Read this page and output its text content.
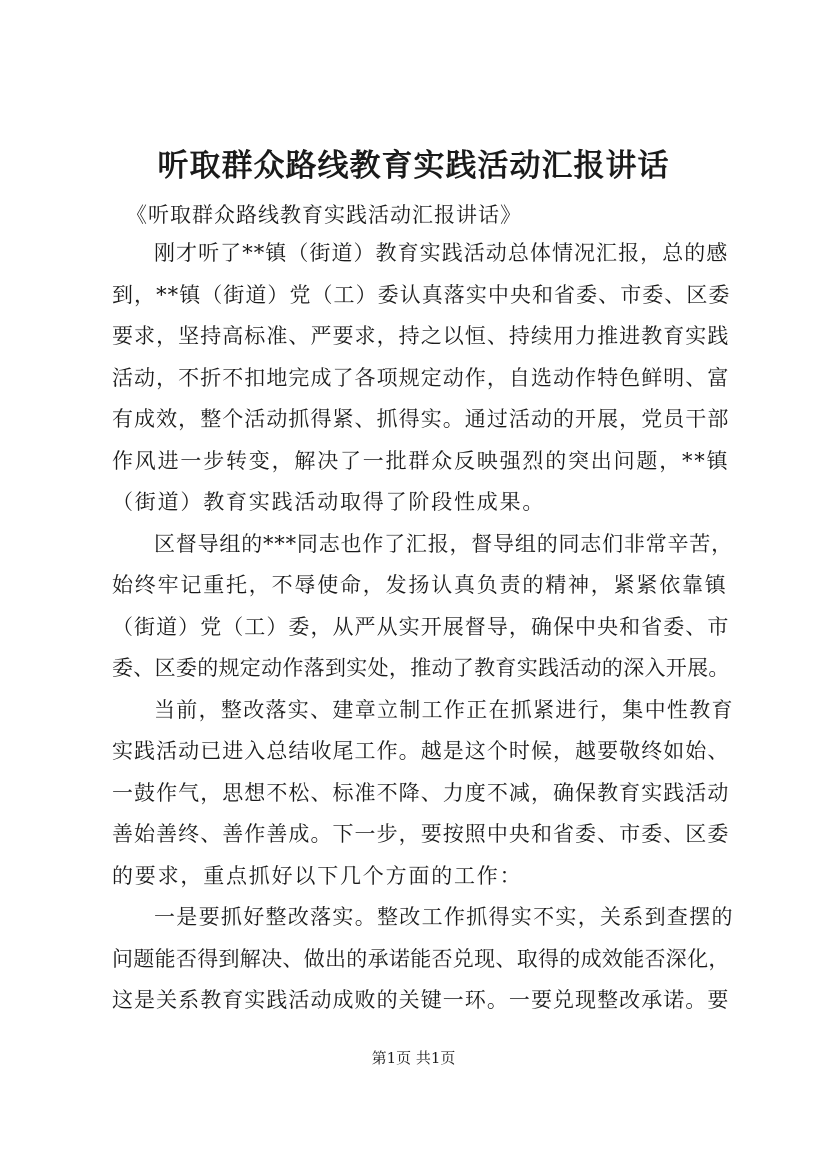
听取群众路线教育实践活动汇报讲话
《听取群众路线教育实践活动汇报讲话》

刚才听了**镇（街道）教育实践活动总体情况汇报，总的感
到，**镇（街道）党（工）委认真落实中央和省委、市委、区委
要求，坚持高标准、严要求，持之以恒、持续用力推进教育实践
活动，不折不扣地完成了各项规定动作，自选动作特色鲜明、富
有成效，整个活动抓得紧、抓得实。通过活动的开展，党员干部
作风进一步转变，解决了一批群众反映强烈的突出问题，**镇
（街道）教育实践活动取得了阶段性成果。

区督导组的***同志也作了汇报，督导组的同志们非常辛苦，
始终牢记重托，不辱使命，发扬认真负责的精神，紧紧依靠镇
（街道）党（工）委，从严从实开展督导，确保中央和省委、市
委、区委的规定动作落到实处，推动了教育实践活动的深入开展。

当前，整改落实、建章立制工作正在抓紧进行，集中性教育
实践活动已进入总结收尾工作。越是这个时候，越要敬终如始、
一鼓作气，思想不松、标准不降、力度不减，确保教育实践活动
善始善终、善作善成。下一步，要按照中央和省委、市委、区委
的要求，重点抓好以下几个方面的工作：

一是要抓好整改落实。整改工作抓得实不实，关系到查摆的
问题能否得到解决、做出的承诺能否兑现、取得的成效能否深化，
这是关系教育实践活动成败的关键一环。一要兑现整改承诺。要

第1页 共1页
